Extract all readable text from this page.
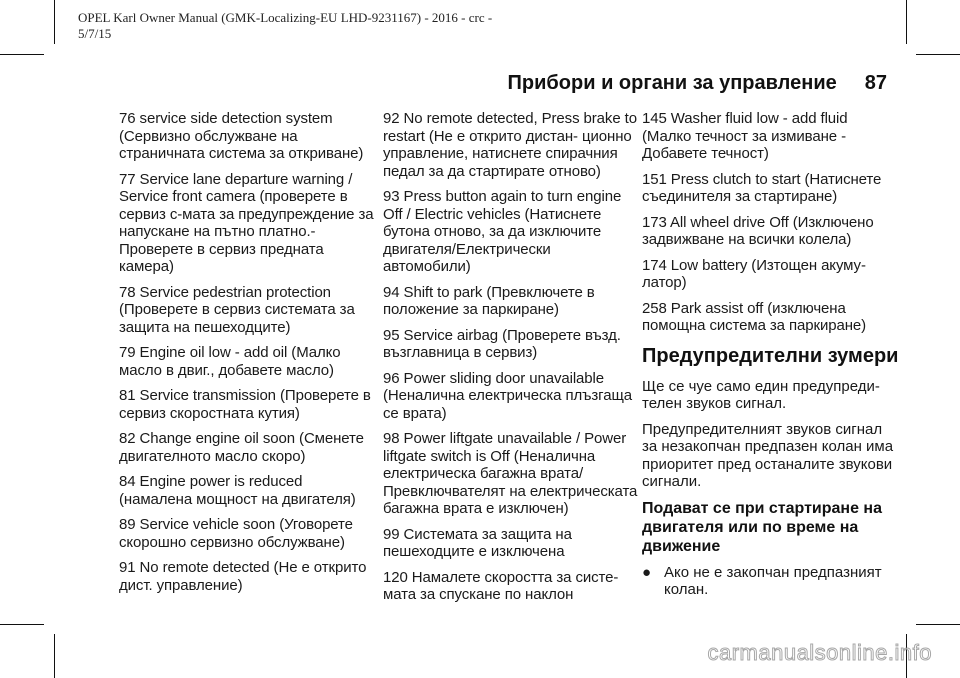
OPEL Karl Owner Manual (GMK-Localizing-EU LHD-9231167) - 2016 - crc - 5/7/15
Прибори и органи за управление 87

76 service side detection system (Сервизно обслужване на страничната система за откриване)

77 Service lane departure warning / Service front camera (проверете в сервиз с-мата за предупреждение за напускане на пътно платно.- Проверете в сервиз предната камера)

78 Service pedestrian protection (Проверете в сервиз системата за защита на пешеходците)

79 Engine oil low - add oil (Малко масло в двиг., добавете масло)

81 Service transmission (Проверете в сервиз скоростната кутия)

82 Change engine oil soon (Сменете двигателното масло скоро)

84 Engine power is reduced (намалена мощност на двигателя)

89 Service vehicle soon (Уговорете скорошно сервизно обслужване)

91 No remote detected (Не е открито дист. управление)

92 No remote detected, Press brake to restart (Не е открито дистан- ционно управление, натиснете спирачния педал за да стартирате отново)

93 Press button again to turn engine Off / Electric vehicles (Натиснете бутона отново, за да изключите двигателя/Електрически автомобили)

94 Shift to park (Превключете в положение за паркиране)

95 Service airbag (Проверете възд. възглавница в сервиз)

96 Power sliding door unavailable (Неналична електрическа плъзгаща се врата)

98 Power liftgate unavailable / Power liftgate switch is Off (Неналична електрическа багажна врата/Превключвателят на електрическата багажна врата е изключен)

99 Системата за защита на пешеходците е изключена

120 Намалете скоростта за систе- мата за спускане по наклон

145 Washer fluid low - add fluid (Малко течност за измиване - Добавете течност)

151 Press clutch to start (Натиснете съединителя за стартиране)

173 All wheel drive Off (Изключено задвижване на всички колела)

174 Low battery (Изтощен акуму- латор)

258 Park assist off (изключена помощна система за паркиране)

Предупредителни зумери

Ще се чуе само един предупреди- телен звуков сигнал.

Предупредителният звуков сигнал за незакопчан предпазен колан има приоритет пред останалите звукови сигнали.

Подават се при стартиране на двигателя или по време на движение
● Ако не е закопчан предпазният колан.
carmanualsonline.info
